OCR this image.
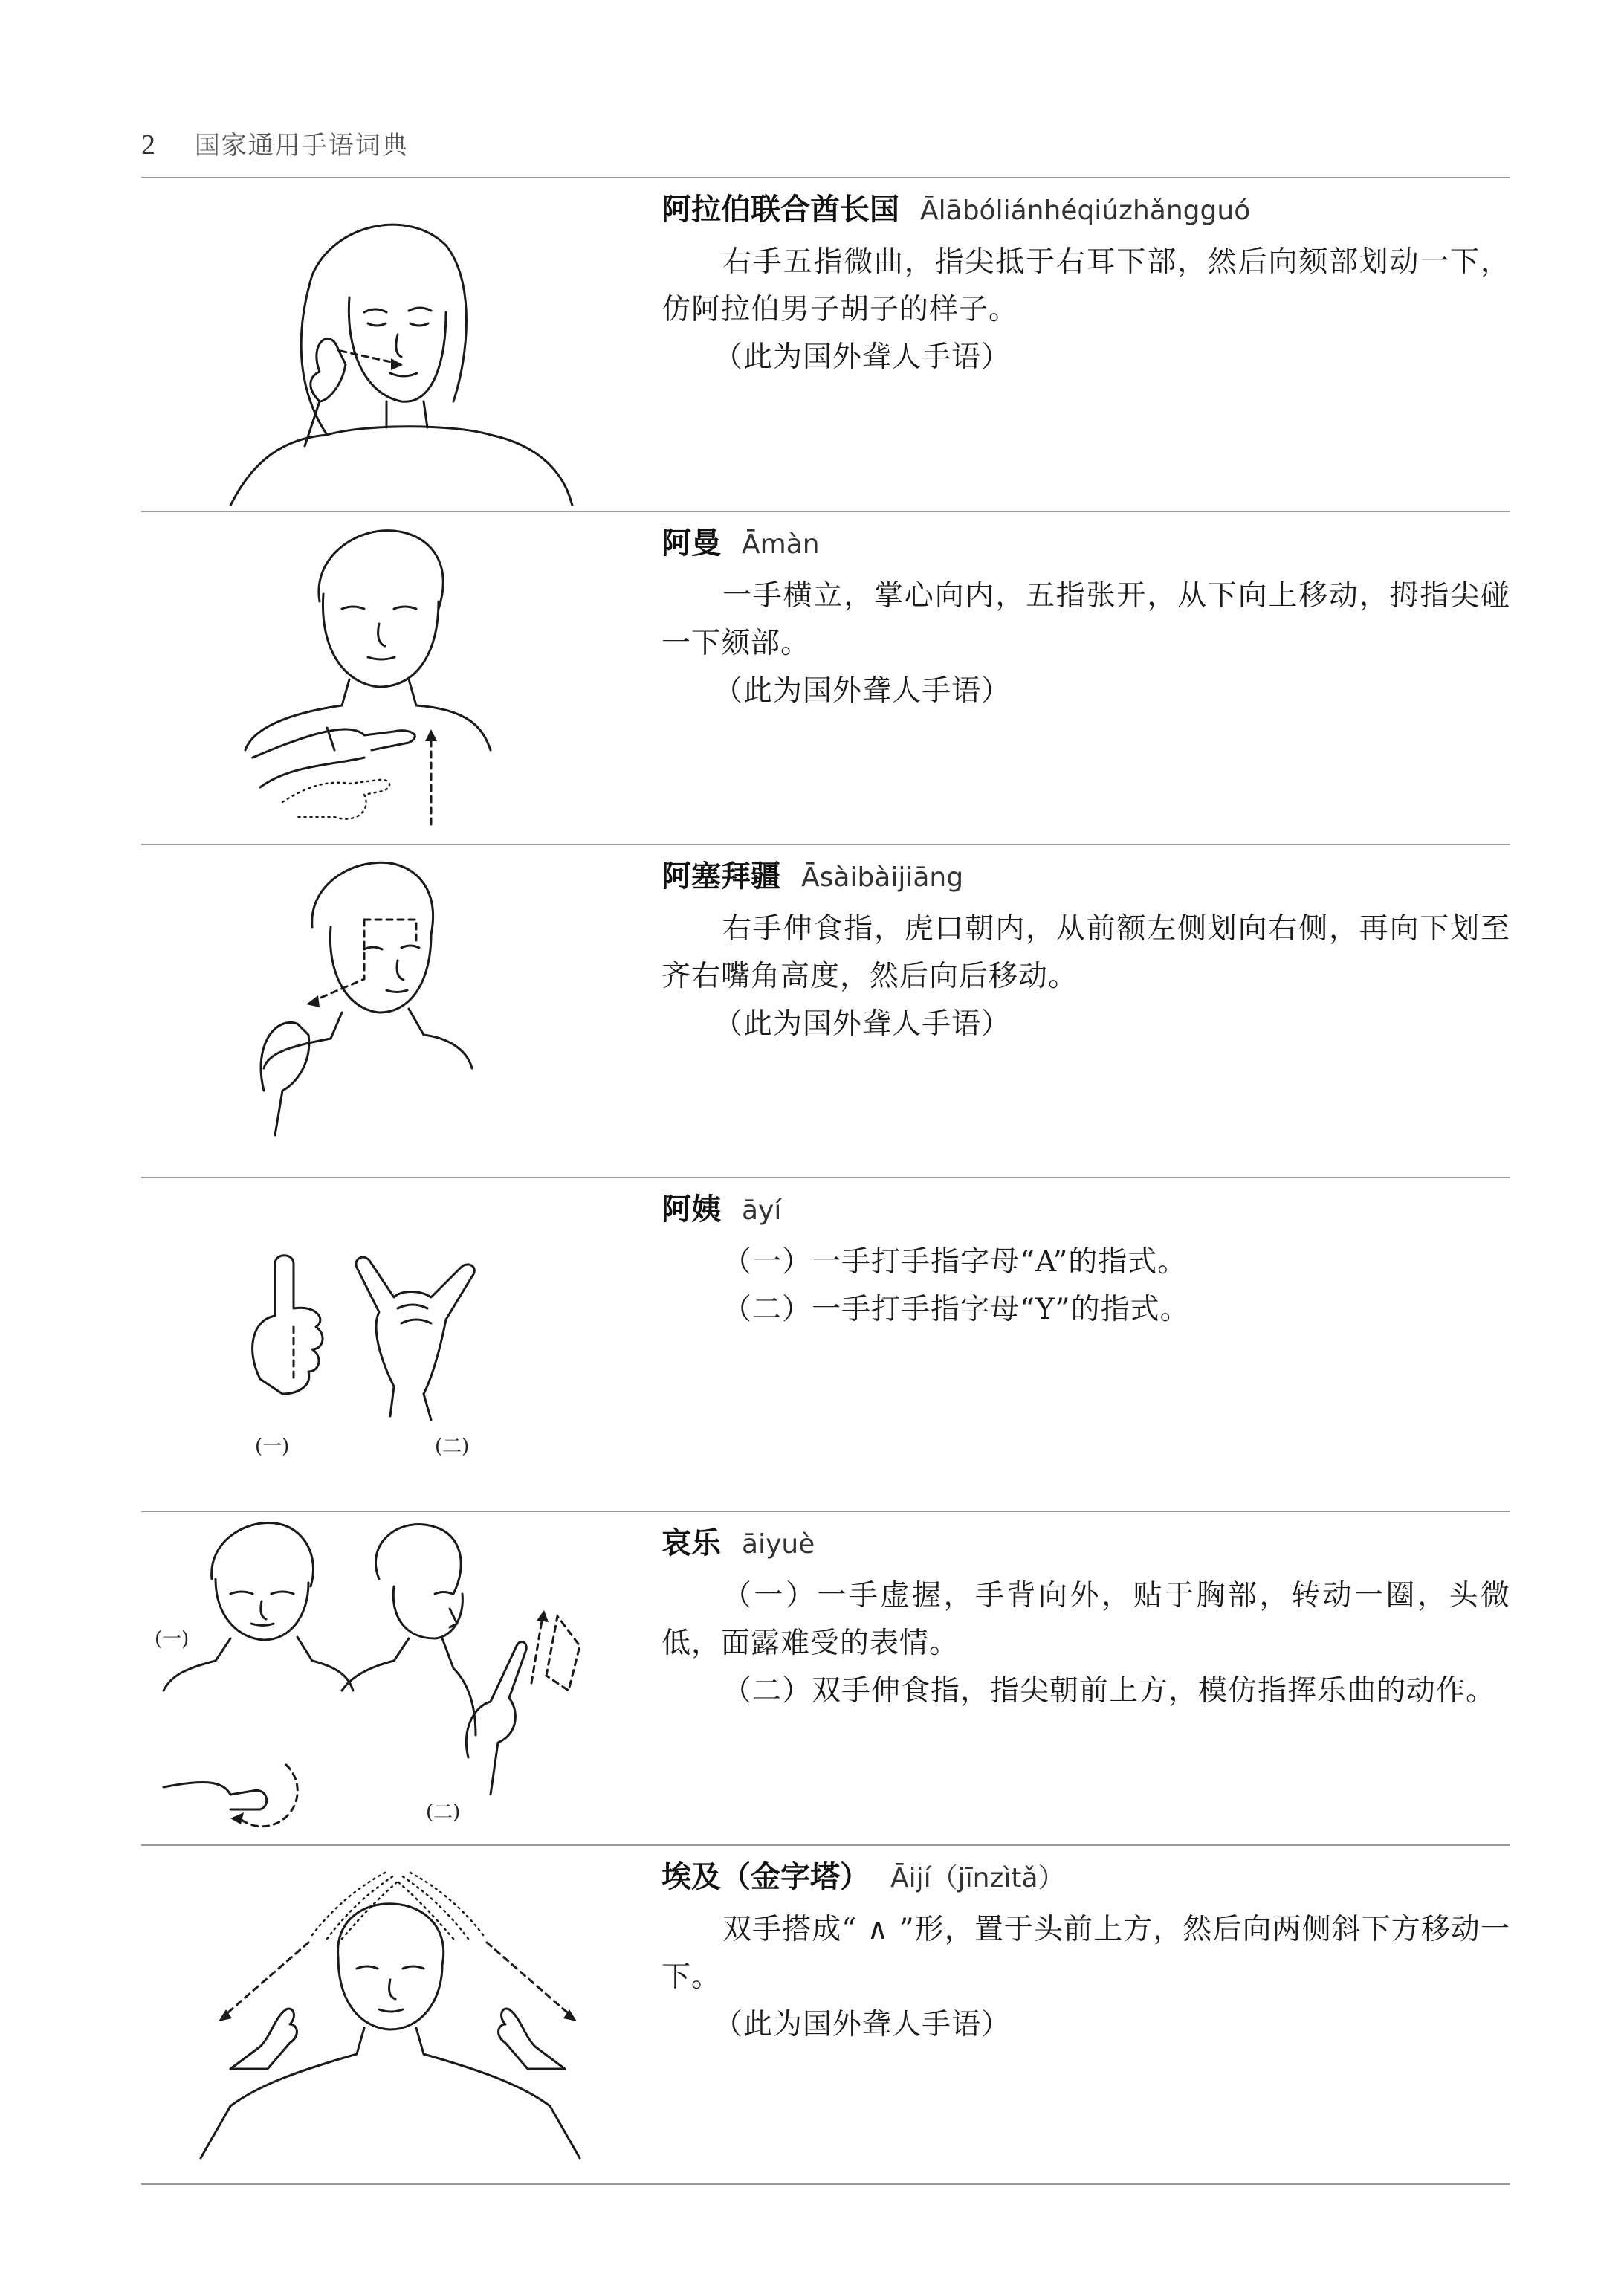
2 国家通用手语词典
阿拉伯联合酋长国 Ālābóliánhéqiúzhǎngguó
右手五指微曲，指尖抵于右耳下部，然后向颏部划动一下，仿阿拉伯男子胡子的样子。
（此为国外聋人手语）
阿曼 Āmàn
一手横立，掌心向内，五指张开，从下向上移动，拇指尖碰一下颏部。
（此为国外聋人手语）
阿塞拜疆 Āsàibàijiāng
右手伸食指，虎口朝内，从前额左侧划向右侧，再向下划至齐右嘴角高度，然后向后移动。
（此为国外聋人手语）
(一)	(二)
阿姨 āyí
（一）一手打手指字母“A”的指式。
（二）一手打手指字母“Y”的指式。
(一)
(二)
哀乐 āiyuè
（一）一手虚握，手背向外，贴于胸部，转动一圈，头微低，面露难受的表情。
（二）双手伸食指，指尖朝前上方，模仿指挥乐曲的动作。
埃及（金字塔） Āijí（jīnzìtǎ）
双手搭成“ ∧ ”形，置于头前上方，然后向两侧斜下方移动一下。
（此为国外聋人手语）
